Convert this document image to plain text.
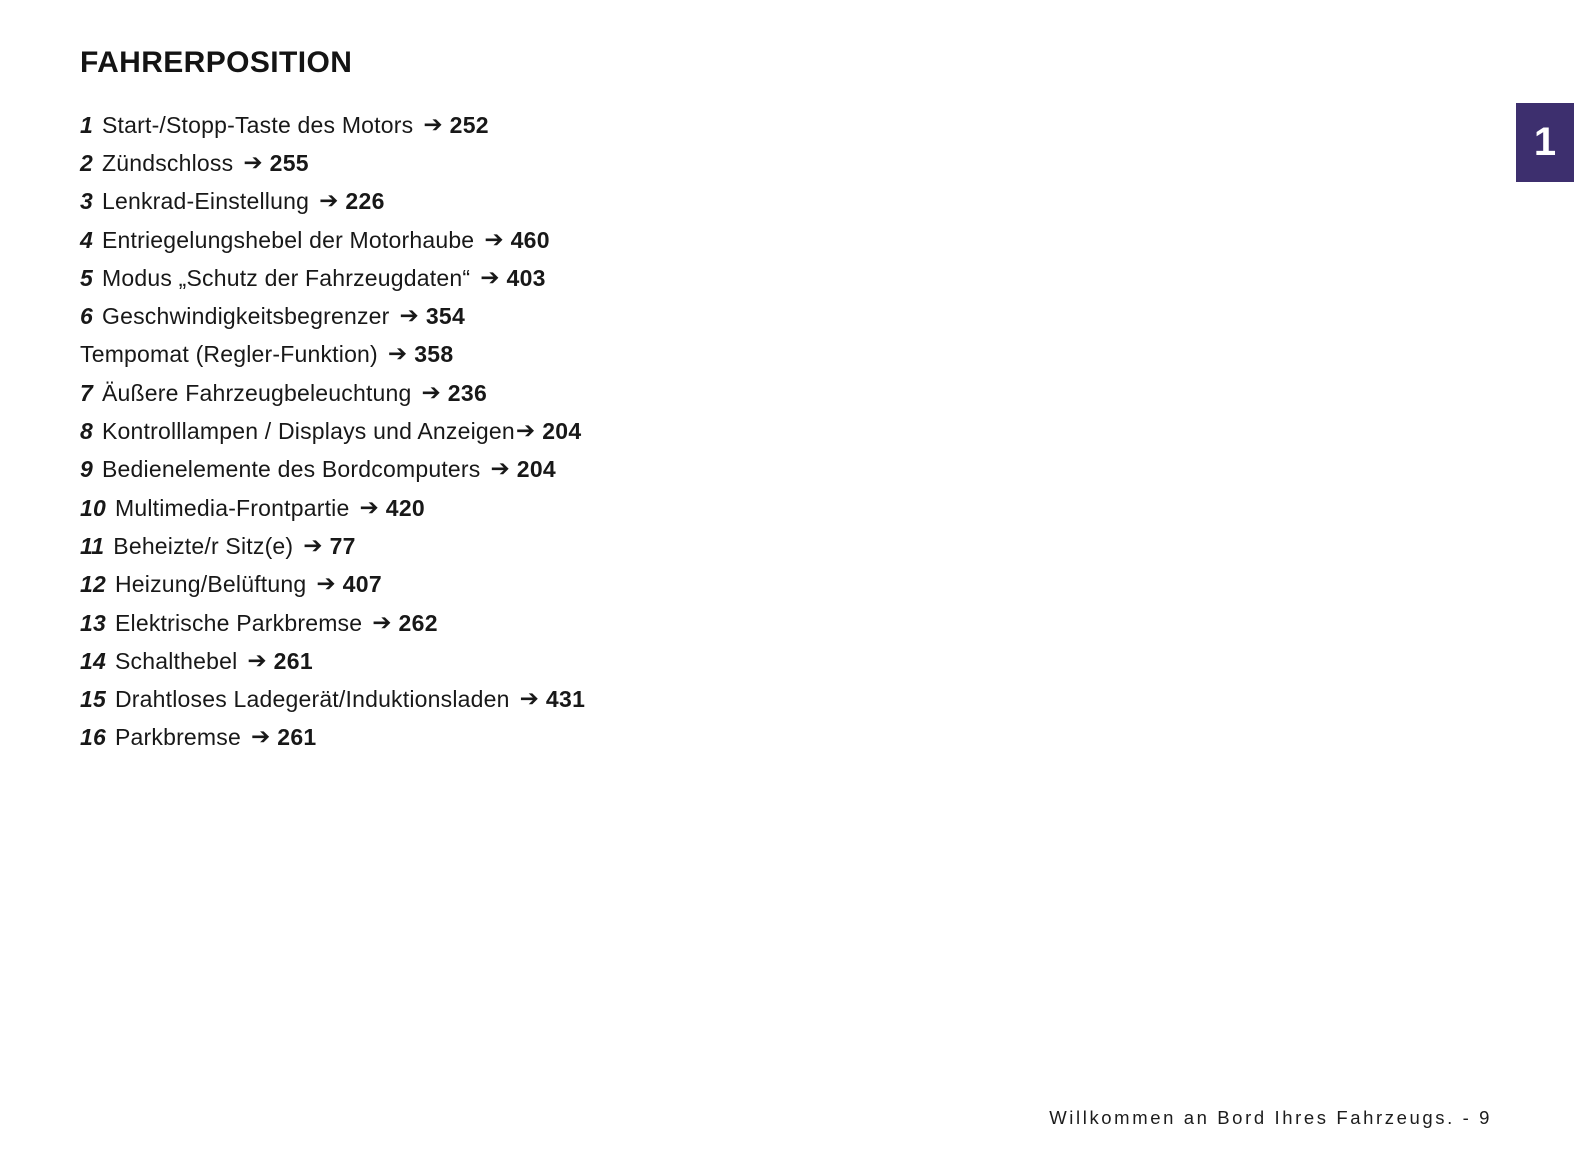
FAHRERPOSITION
1 Start-/Stopp-Taste des Motors ➔ 252
2 Zündschloss ➔ 255
3 Lenkrad-Einstellung ➔ 226
4 Entriegelungshebel der Motorhaube ➔ 460
5 Modus „Schutz der Fahrzeugdaten“ ➔ 403
6 Geschwindigkeitsbegrenzer ➔ 354
Tempomat (Regler-Funktion) ➔ 358
7 Äußere Fahrzeugbeleuchtung ➔ 236
8 Kontrolllampen / Displays und Anzeigen ➔ 204
9 Bedienelemente des Bordcomputers ➔ 204
10 Multimedia-Frontpartie ➔ 420
11 Beheizte/r Sitz(e) ➔ 77
12 Heizung/Belüftung ➔ 407
13 Elektrische Parkbremse ➔ 262
14 Schalthebel ➔ 261
15 Drahtloses Ladegerät/Induktionsladen ➔ 431
16 Parkbremse ➔ 261
1
Willkommen an Bord Ihres Fahrzeugs. - 9
